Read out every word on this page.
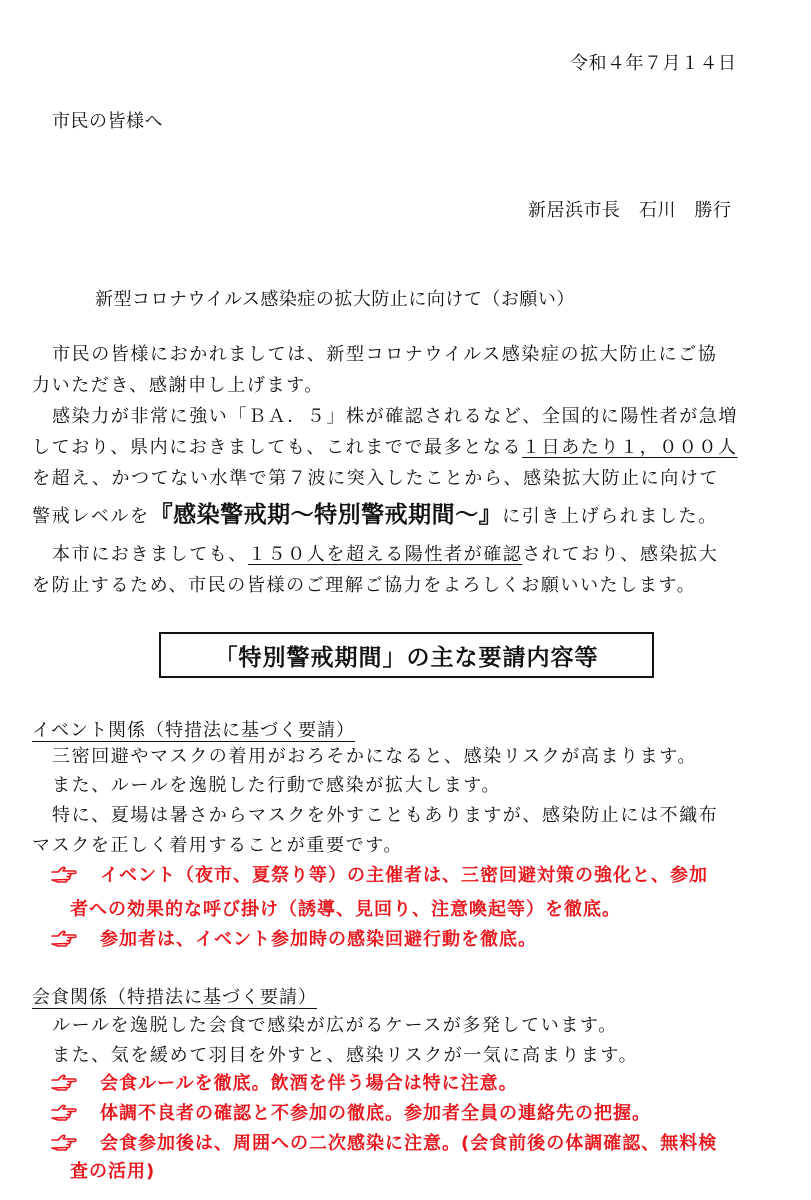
令和４年７月１４日
市民の皆様へ
新居浜市長　石川　勝行
新型コロナウイルス感染症の拡大防止に向けて（お願い）

市民の皆様におかれましては、新型コロナウイルス感染症の拡大防止にご協

力いただき、感謝申し上げます。

感染力が非常に強い「ＢＡ．５」株が確認されるなど、全国的に陽性者が急増

しており、県内におきましても、これまでで最多となる１日あたり１，０００人

を超え、かつてない水準で第７波に突入したことから、感染拡大防止に向けて

警戒レベルを『感染警戒期～特別警戒期間～』に引き上げられました。

本市におきましても、１５０人を超える陽性者が確認されており、感染拡大

を防止するため、市民の皆様のご理解ご協力をよろしくお願いいたします。

「特別警戒期間」の主な要請内容等
イベント関係（特措法に基づく要請）
三密回避やマスクの着用がおろそかになると、感染リスクが高まります。
また、ルールを逸脱した行動で感染が拡大します。
特に、夏場は暑さからマスクを外すこともありますが、感染防止には不織布
マスクを正しく着用することが重要です。
イベント（夜市、夏祭り等）の主催者は、三密回避対策の強化と、参加
者への効果的な呼び掛け（誘導、見回り、注意喚起等）を徹底。
参加者は、イベント参加時の感染回避行動を徹底。
会食関係（特措法に基づく要請）
ルールを逸脱した会食で感染が広がるケースが多発しています。
また、気を緩めて羽目を外すと、感染リスクが一気に高まります。
会食ルールを徹底。飲酒を伴う場合は特に注意。
体調不良者の確認と不参加の徹底。参加者全員の連絡先の把握。
会食参加後は、周囲への二次感染に注意。(会食前後の体調確認、無料検
査の活用)
